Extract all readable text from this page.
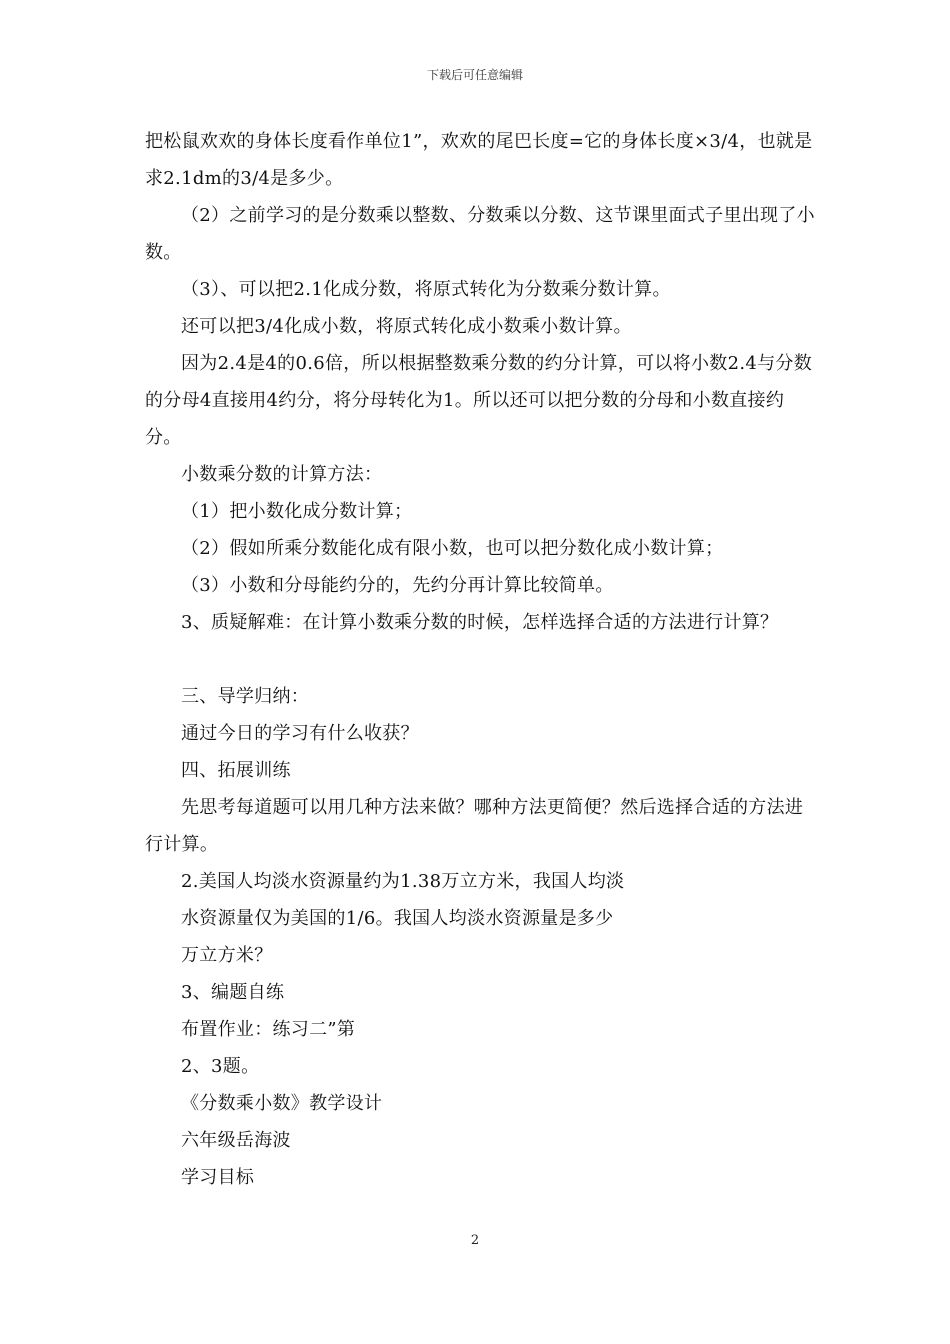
下载后可任意编辑

把松鼠欢欢的身体长度看作单位1”，欢欢的尾巴长度=它的身体长度×3/4，也就是求2.1dm的3/4是多少。

（2）之前学习的是分数乘以整数、分数乘以分数、这节课里面式子里出现了小数。

（3）、可以把2.1化成分数，将原式转化为分数乘分数计算。

还可以把3/4化成小数，将原式转化成小数乘小数计算。

因为2.4是4的0.6倍，所以根据整数乘分数的约分计算，可以将小数2.4与分数的分母4直接用4约分，将分母转化为1。所以还可以把分数的分母和小数直接约分。

小数乘分数的计算方法：

（1）把小数化成分数计算；

（2）假如所乘分数能化成有限小数，也可以把分数化成小数计算；

（3）小数和分母能约分的，先约分再计算比较简单。

3、质疑解难：在计算小数乘分数的时候，怎样选择合适的方法进行计算？

三、导学归纳：

通过今日的学习有什么收获？

四、拓展训练

先思考每道题可以用几种方法来做？哪种方法更简便？然后选择合适的方法进行计算。

2.美国人均淡水资源量约为1.38万立方米，我国人均淡

水资源量仅为美国的1/6。我国人均淡水资源量是多少

万立方米？

3、编题自练

布置作业：练习二”第

2、3题。

《分数乘小数》教学设计

六年级岳海波

学习目标

2
